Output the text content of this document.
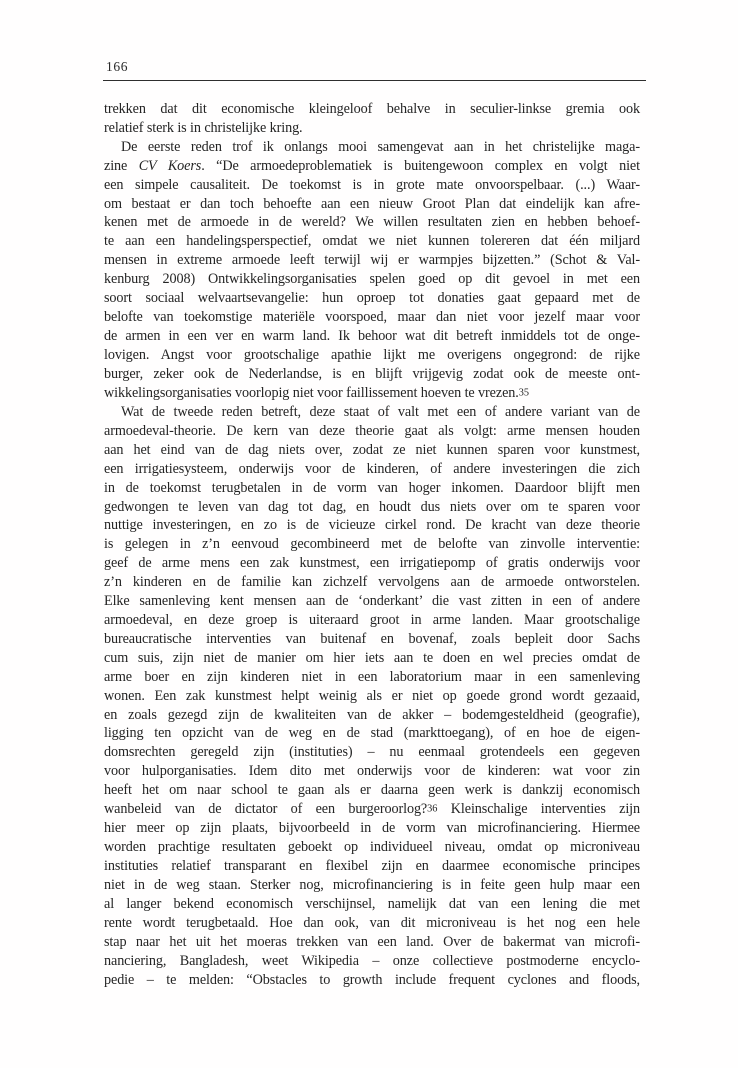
166
trekken dat dit economische kleingeloof behalve in seculier-linkse gremia ook
relatief sterk is in christelijke kring.
De eerste reden trof ik onlangs mooi samengevat aan in het christelijke maga-
zine CV Koers. “De armoedeproblematiek is buitengewoon complex en volgt niet
een simpele causaliteit. De toekomst is in grote mate onvoorspelbaar. (...) Waar-
om bestaat er dan toch behoefte aan een nieuw Groot Plan dat eindelijk kan afre-
kenen met de armoede in de wereld? We willen resultaten zien en hebben behoef-
te aan een handelingsperspectief, omdat we niet kunnen tolereren dat één miljard
mensen in extreme armoede leeft terwijl wij er warmpjes bijzetten.” (Schot & Val-
kenburg 2008) Ontwikkelingsorganisaties spelen goed op dit gevoel in met een
soort sociaal welvaartsevangelie: hun oproep tot donaties gaat gepaard met de
belofte van toekomstige materiële voorspoed, maar dan niet voor jezelf maar voor
de armen in een ver en warm land. Ik behoor wat dit betreft inmiddels tot de onge-
lovigen. Angst voor grootschalige apathie lijkt me overigens ongegrond: de rijke
burger, zeker ook de Nederlandse, is en blijft vrijgevig zodat ook de meeste ont-
wikkelingsorganisaties voorlopig niet voor faillissement hoeven te vrezen.35
Wat de tweede reden betreft, deze staat of valt met een of andere variant van de
armoedeval-theorie. De kern van deze theorie gaat als volgt: arme mensen houden
aan het eind van de dag niets over, zodat ze niet kunnen sparen voor kunstmest,
een irrigatiesysteem, onderwijs voor de kinderen, of andere investeringen die zich
in de toekomst terugbetalen in de vorm van hoger inkomen. Daardoor blijft men
gedwongen te leven van dag tot dag, en houdt dus niets over om te sparen voor
nuttige investeringen, en zo is de vicieuze cirkel rond. De kracht van deze theorie
is gelegen in z’n eenvoud gecombineerd met de belofte van zinvolle interventie:
geef de arme mens een zak kunstmest, een irrigatiepomp of gratis onderwijs voor
z’n kinderen en de familie kan zichzelf vervolgens aan de armoede ontworstelen.
Elke samenleving kent mensen aan de ‘onderkant’ die vast zitten in een of andere
armoedeval, en deze groep is uiteraard groot in arme landen. Maar grootschalige
bureaucratische interventies van buitenaf en bovenaf, zoals bepleit door Sachs
cum suis, zijn niet de manier om hier iets aan te doen en wel precies omdat de
arme boer en zijn kinderen niet in een laboratorium maar in een samenleving
wonen. Een zak kunstmest helpt weinig als er niet op goede grond wordt gezaaid,
en zoals gezegd zijn de kwaliteiten van de akker – bodemgesteldheid (geografie),
ligging ten opzicht van de weg en de stad (markttoegang), of en hoe de eigen-
domsrechten geregeld zijn (instituties) – nu eenmaal grotendeels een gegeven
voor hulporganisaties. Idem dito met onderwijs voor de kinderen: wat voor zin
heeft het om naar school te gaan als er daarna geen werk is dankzij economisch
wanbeleid van de dictator of een burgeroorlog?36 Kleinschalige interventies zijn
hier meer op zijn plaats, bijvoorbeeld in de vorm van microfinanciering. Hiermee
worden prachtige resultaten geboekt op individueel niveau, omdat op microniveau
instituties relatief transparant en flexibel zijn en daarmee economische principes
niet in de weg staan. Sterker nog, microfinanciering is in feite geen hulp maar een
al langer bekend economisch verschijnsel, namelijk dat van een lening die met
rente wordt terugbetaald. Hoe dan ook, van dit microniveau is het nog een hele
stap naar het uit het moeras trekken van een land. Over de bakermat van microfi-
nanciering, Bangladesh, weet Wikipedia – onze collectieve postmoderne encyclo-
pedie – te melden: “Obstacles to growth include frequent cyclones and floods,
